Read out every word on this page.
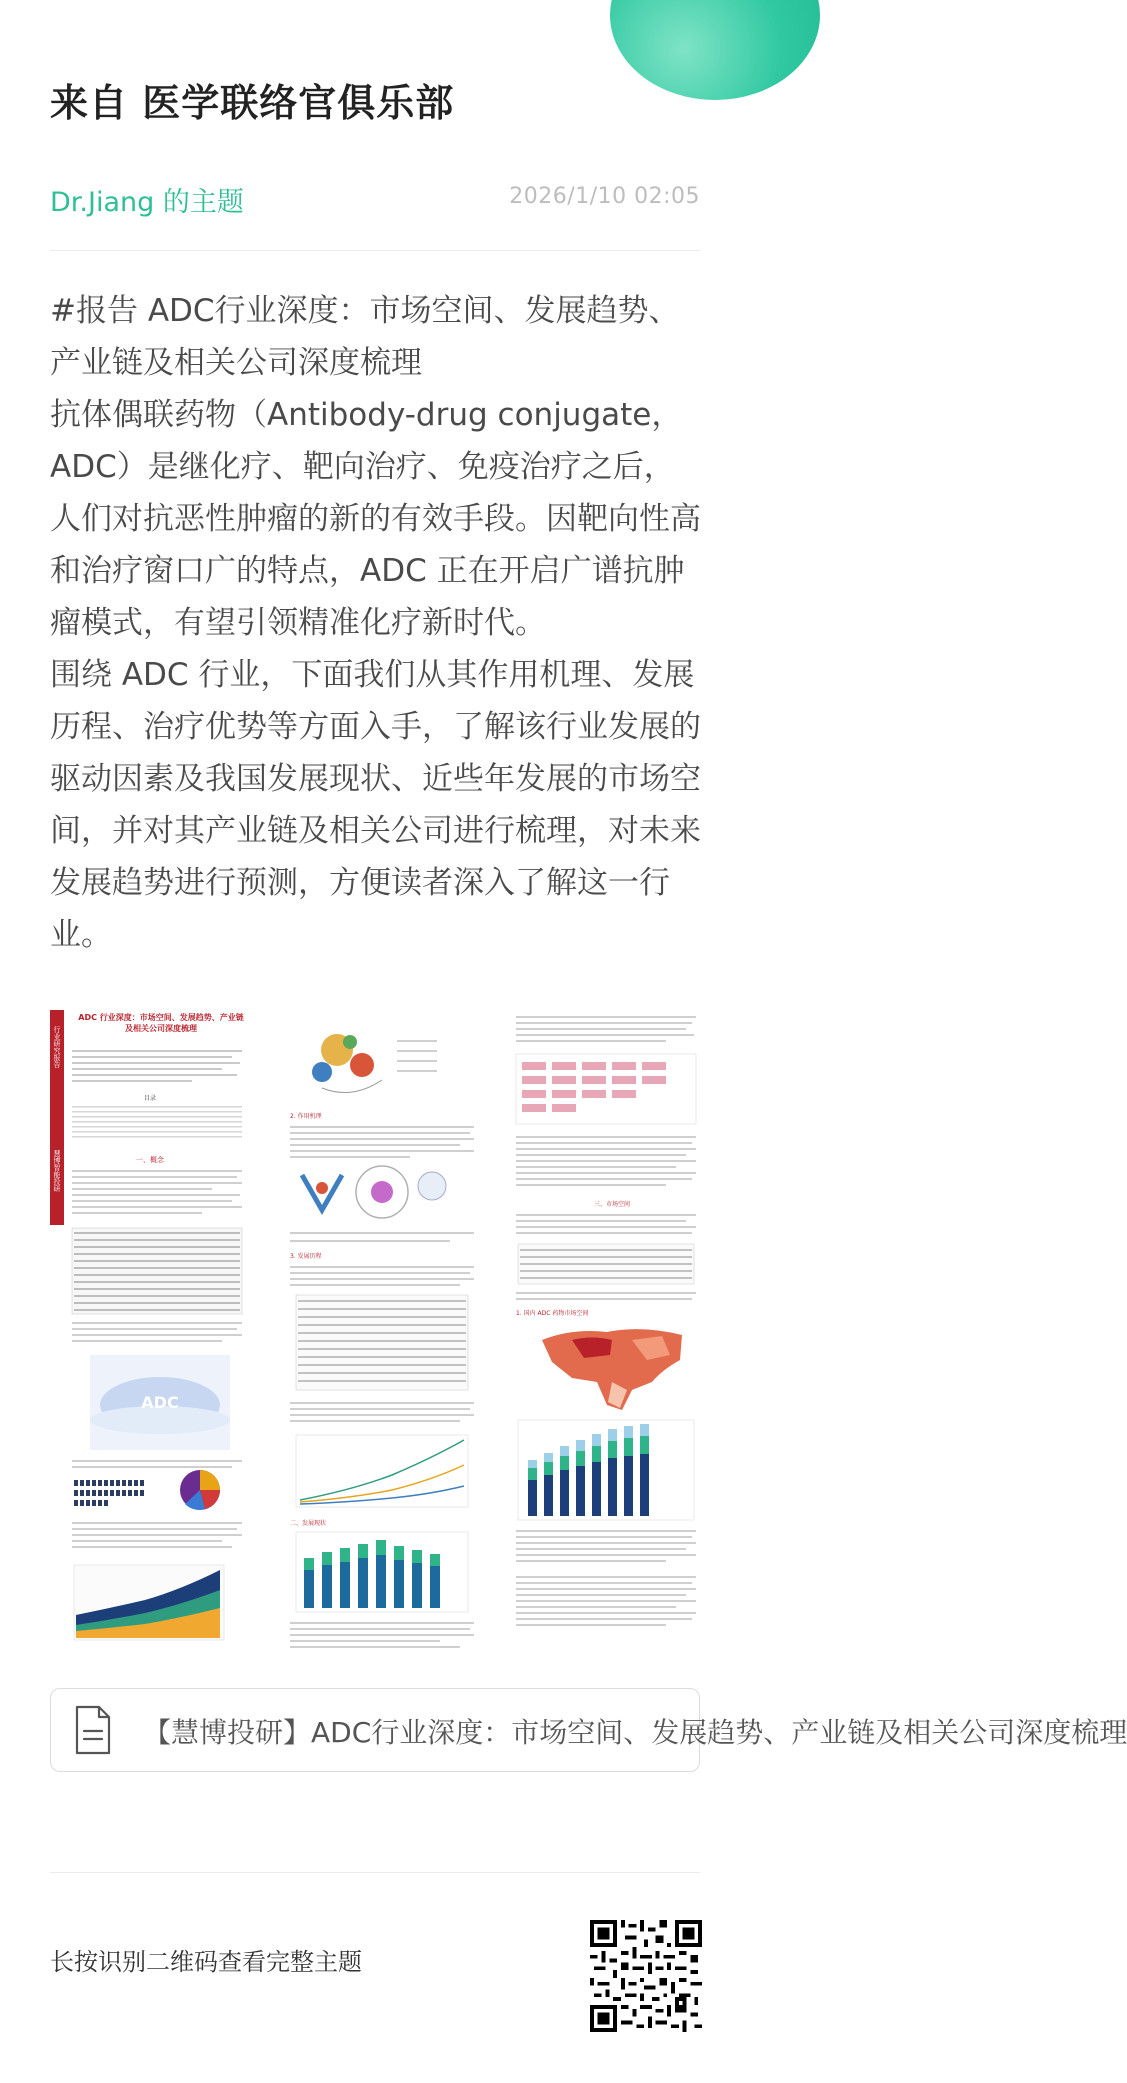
来自 医学联络官俱乐部
Dr.Jiang 的主题	2026/1/10 02:05

#报告 ADC行业深度：市场空间、发展趋势、产业链及相关公司深度梳理

抗体偶联药物（Antibody-drug conjugate，ADC）是继化疗、靶向治疗、免疫治疗之后，人们对抗恶性肿瘤的新的有效手段。因靶向性高和治疗窗口广的特点，ADC 正在开启广谱抗肿瘤模式，有望引领精准化疗新时代。

围绕 ADC 行业，下面我们从其作用机理、发展历程、治疗优势等方面入手，了解该行业发展的驱动因素及我国发展现状、近些年发展的市场空间，并对其产业链及相关公司进行梳理，对未来发展趋势进行预测，方便读者深入了解这一行业。

行业研究报告
慧博智能投研
ADC 行业深度：市场空间、发展趋势、产业链及相关公司深度梳理
目录
一、概念
ADC
2. 作用机理
3. 发展历程
二、发展现状
三、市场空间
1. 国内 ADC 药物市场空间
【慧博投研】ADC行业深度：市场空间、发展趋势、产业链及相关公司深度梳理
长按识别二维码查看完整主题
